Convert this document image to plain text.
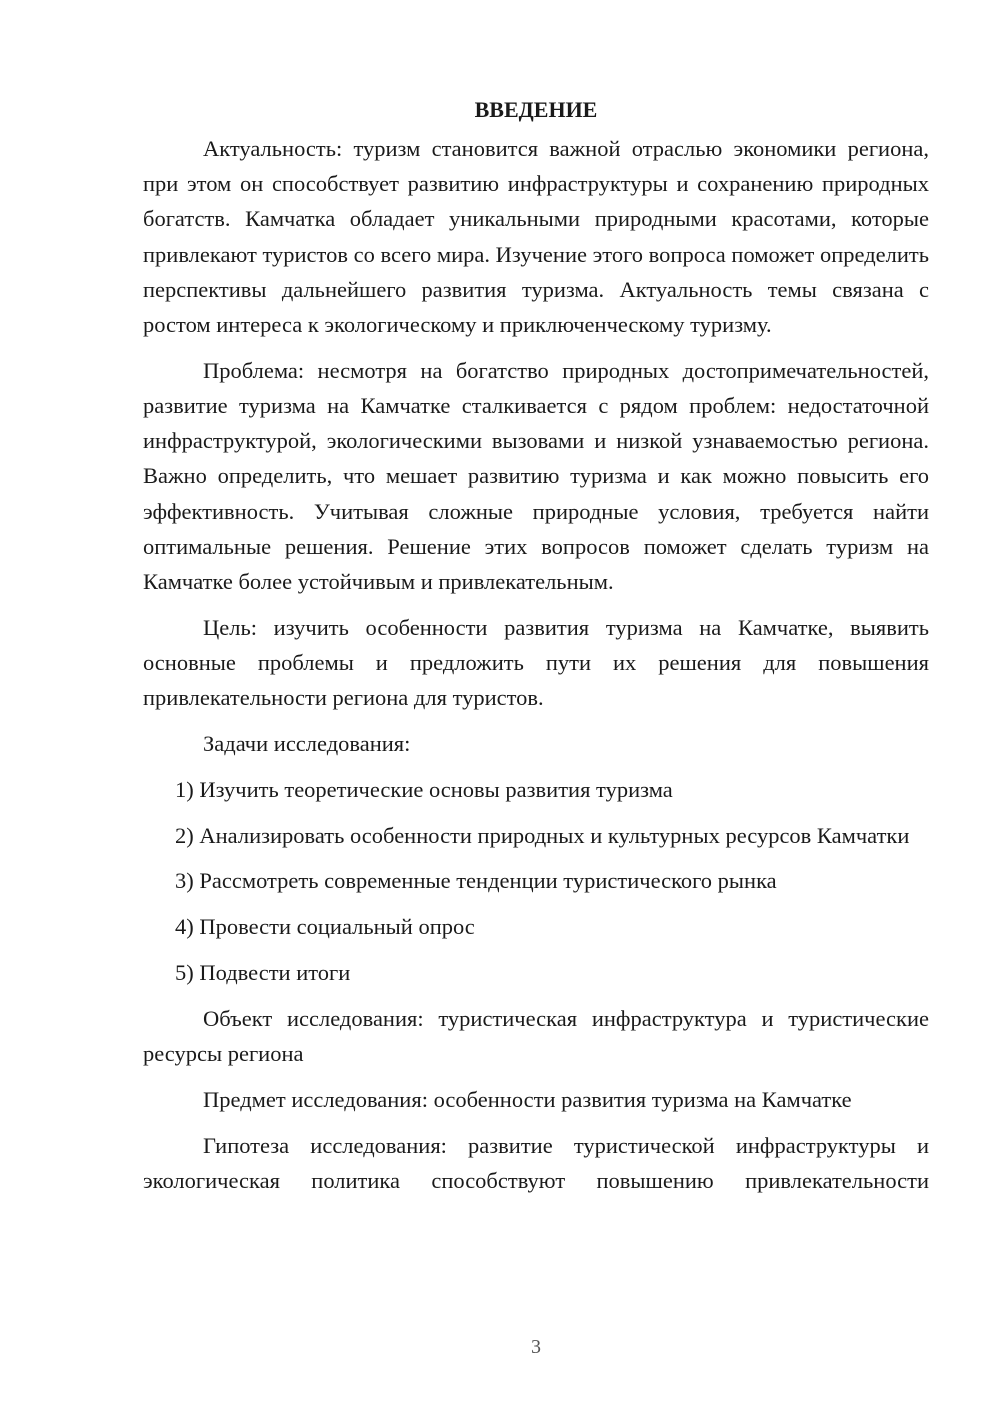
ВВЕДЕНИЕ

Актуальность: туризм становится важной отраслью экономики региона, при этом он способствует развитию инфраструктуры и сохранению природных богатств. Камчатка обладает уникальными природными красотами, которые привлекают туристов со всего мира. Изучение этого вопроса поможет определить перспективы дальнейшего развития туризма. Актуальность темы связана с ростом интереса к экологическому и приключенческому туризму.

Проблема: несмотря на богатство природных достопримечательностей, развитие туризма на Камчатке сталкивается с рядом проблем: недостаточной инфраструктурой, экологическими вызовами и низкой узнаваемостью региона. Важно определить, что мешает развитию туризма и как можно повысить его эффективность. Учитывая сложные природные условия, требуется найти оптимальные решения. Решение этих вопросов поможет сделать туризм на Камчатке более устойчивым и привлекательным.

Цель: изучить особенности развития туризма на Камчатке, выявить основные проблемы и предложить пути их решения для повышения привлекательности региона для туристов.

Задачи исследования:

1) Изучить теоретические основы развития туризма

2) Анализировать особенности природных и культурных ресурсов Камчатки

3) Рассмотреть современные тенденции туристического рынка

4) Провести социальный опрос

5) Подвести итоги

Объект исследования: туристическая инфраструктура и туристические ресурсы региона

Предмет исследования: особенности развития туризма на Камчатке

Гипотеза исследования: развитие туристической инфраструктуры и экологическая политика способствуют повышению привлекательности

3
